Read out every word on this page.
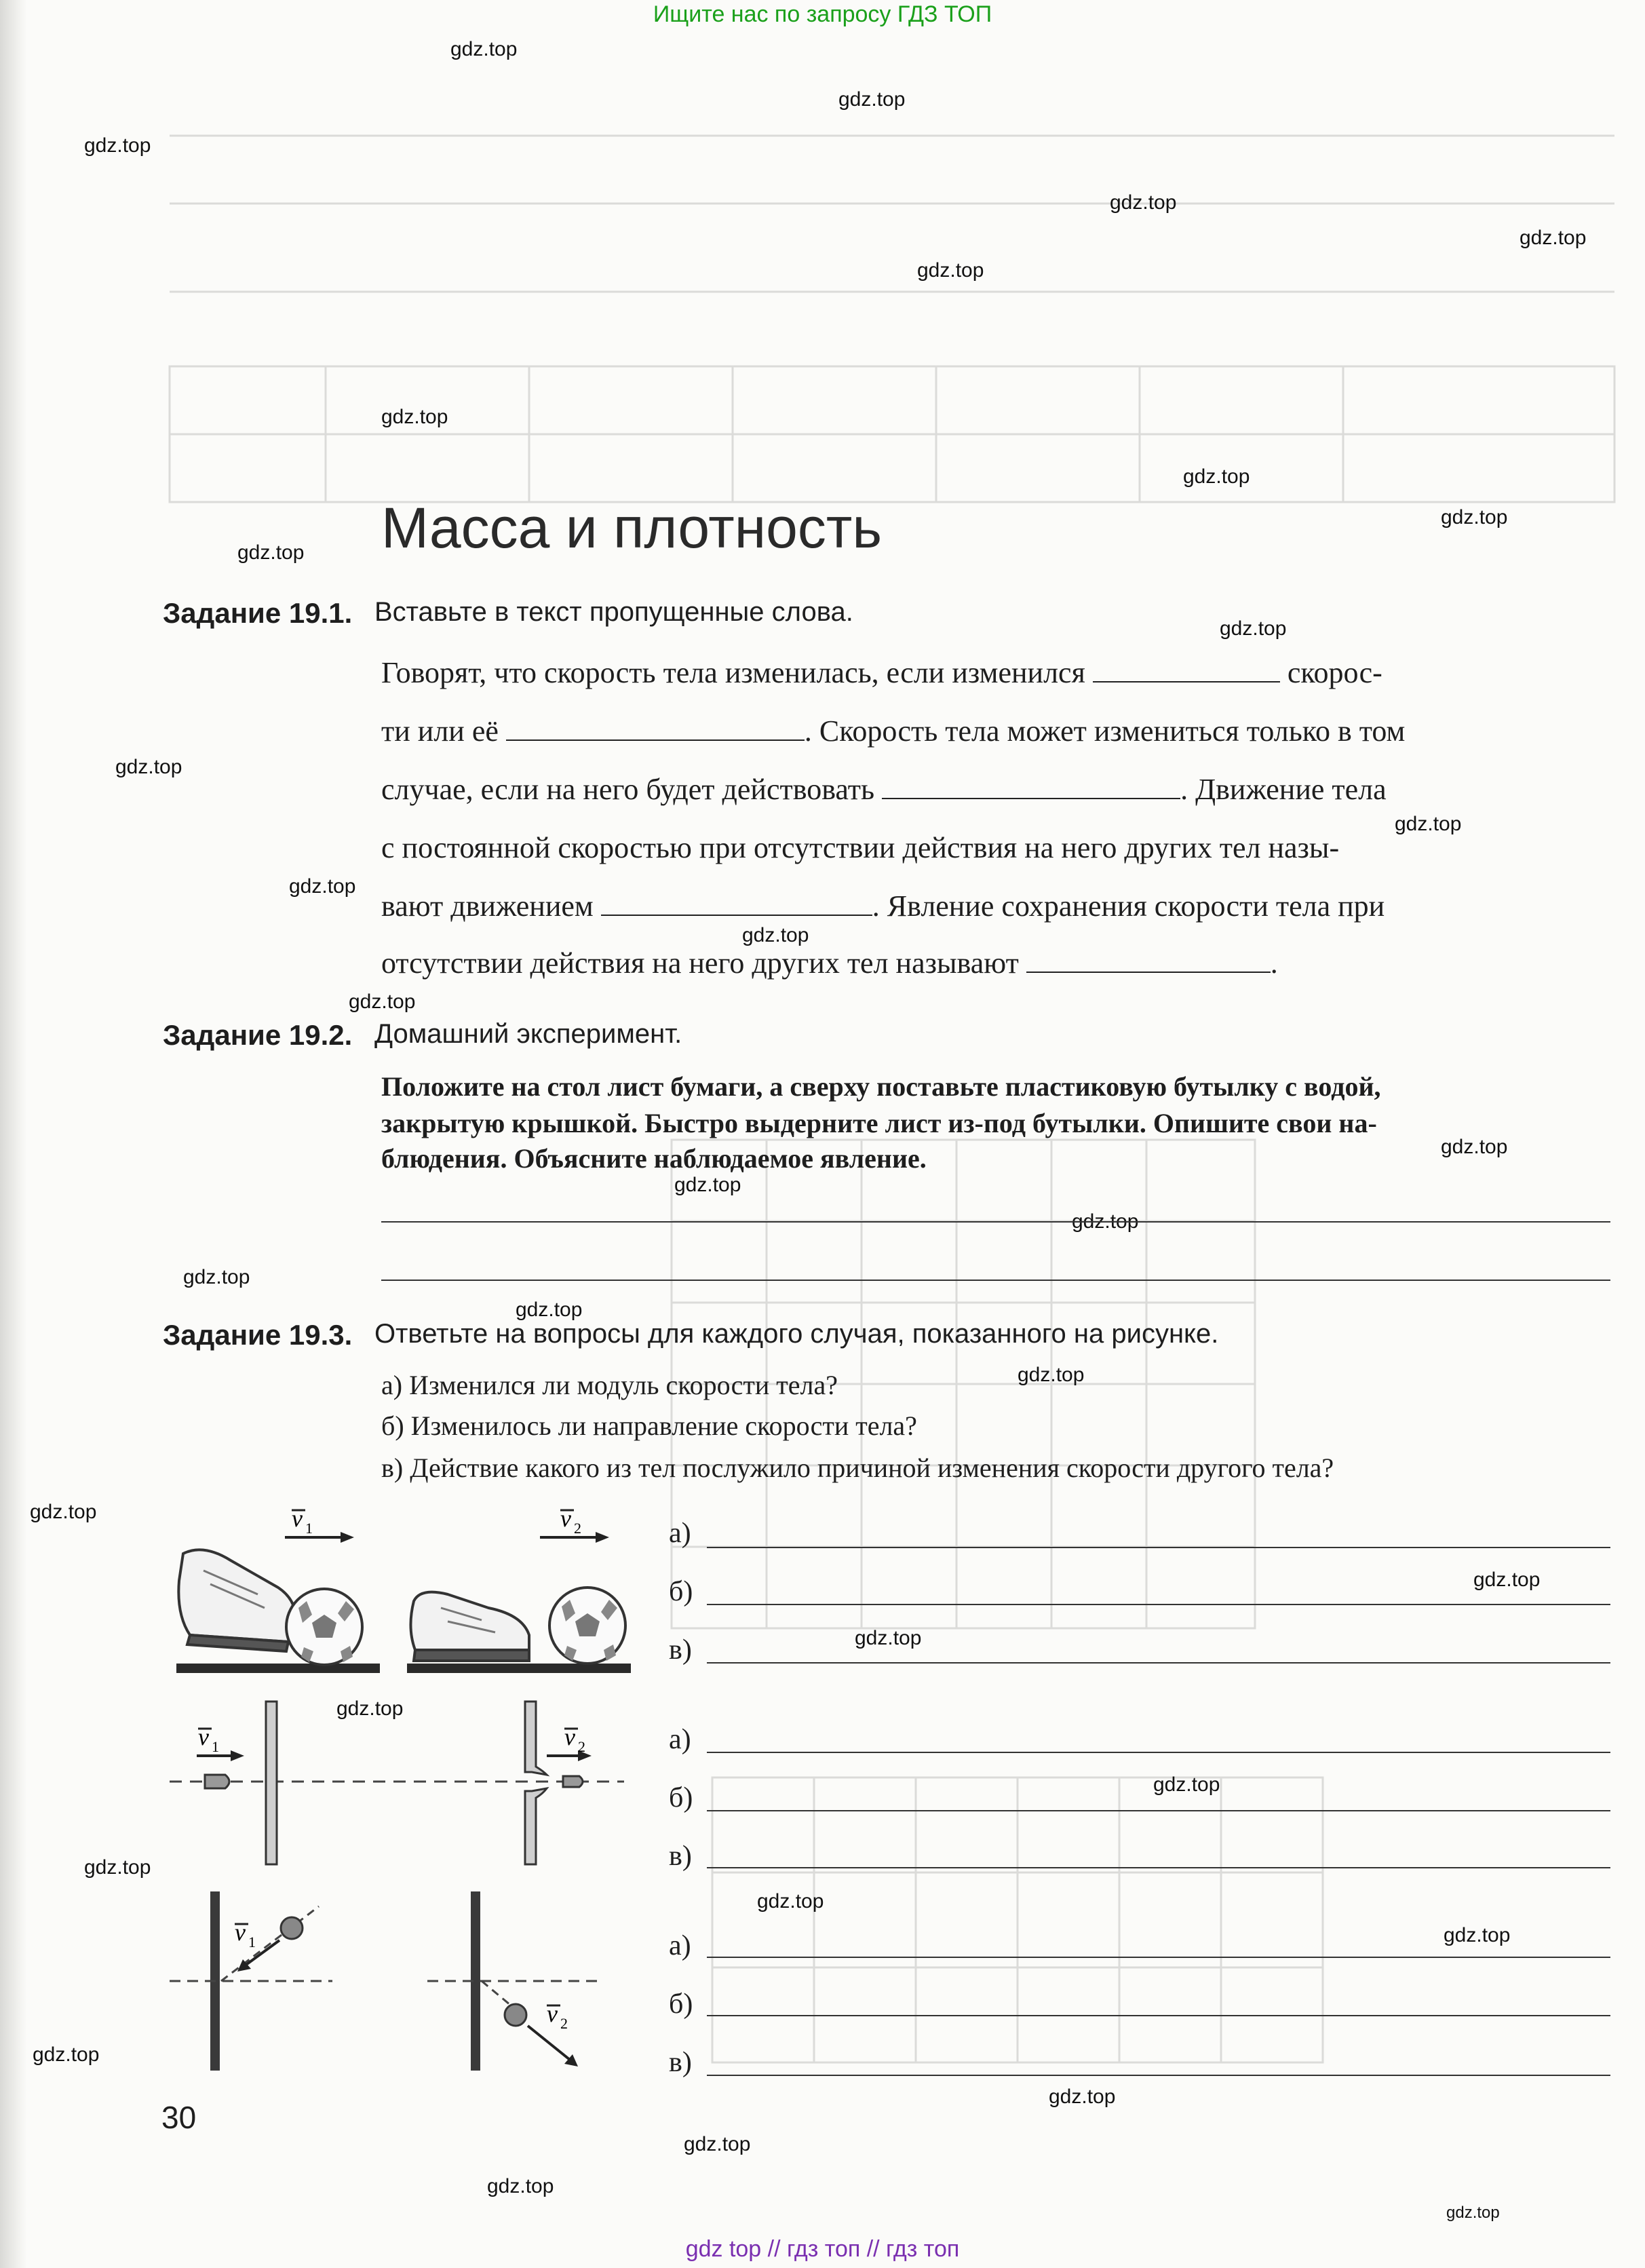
Ищите нас по запросу ГДЗ ТОП
gdz.top
gdz.top
gdz.top
gdz.top
gdz.top
gdz.top
gdz.top
gdz.top
gdz.top
gdz.top
gdz.top
gdz.top
gdz.top
gdz.top
gdz.top
gdz.top
gdz.top
gdz.top
gdz.top
gdz.top
gdz.top
gdz.top
gdz.top
gdz.top
gdz.top
gdz.top
gdz.top
gdz.top
gdz.top
gdz.top
gdz.top
gdz.top
gdz.top
gdz.top
gdz.top
Масса и плотность
Задание 19.1. Вставьте в текст пропущенные слова.
Говорят, что скорость тела изменилась, если изменился	скорос-
ти или её	. Скорость тела может измениться только в том
случае, если на него будет действовать	. Движение тела
с постоянной скоростью при отсутствии действия на него других тел назы-
вают движением	. Явление сохранения скорости тела при
отсутствии действия на него других тел называют	.
Задание 19.2. Домашний эксперимент.
Положите на стол лист бумаги, а сверху поставьте пластиковую бутылку с водой,
закрытую крышкой. Быстро выдерните лист из-под бутылки. Опишите свои на-
блюдения. Объясните наблюдаемое явление.
Задание 19.3. Ответьте на вопросы для каждого случая, показанного на рисунке.
а) Изменился ли модуль скорости тела?
б) Изменилось ли направление скорости тела?
в) Действие какого из тел послужило причиной изменения скорости другого тела?
а)
б)
в)
а)
б)
в)
а)
б)
в)
v 1	v 2
v 1	v 2
v 1
v 2
30
gdz top // гдз топ // гдз топ
